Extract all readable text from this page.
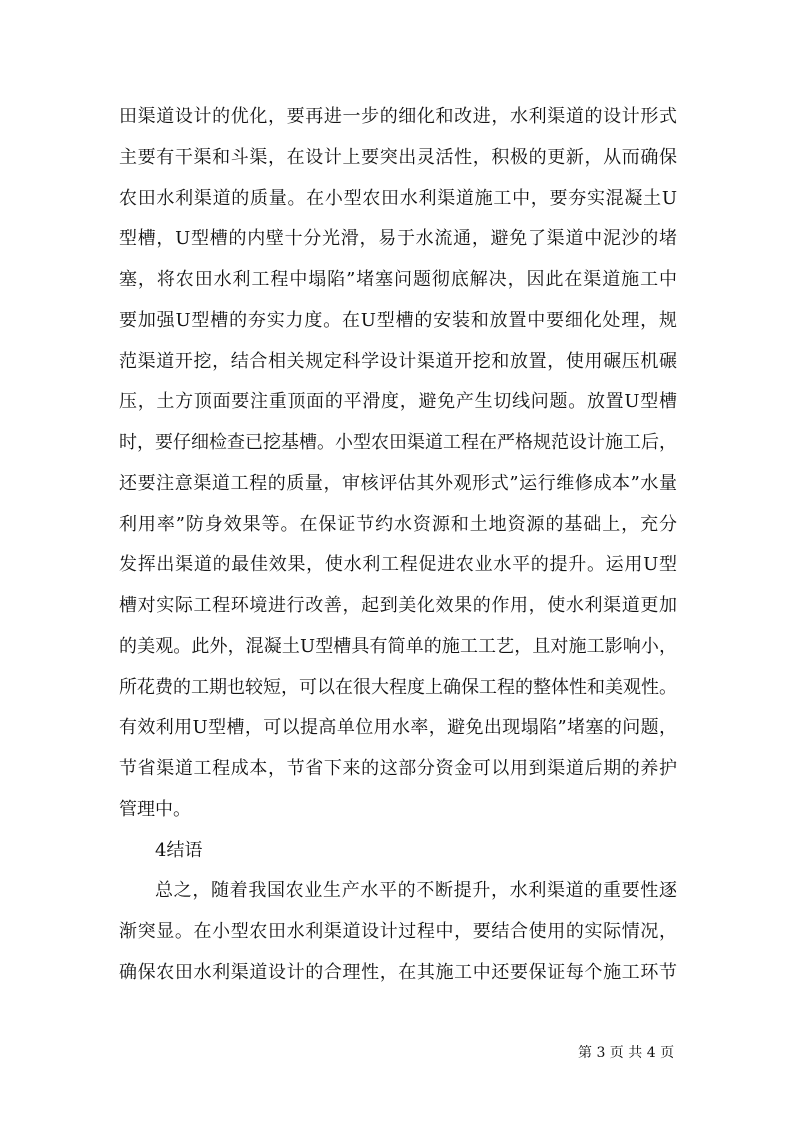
田渠道设计的优化，要再进一步的细化和改进，水利渠道的设计形式
主要有干渠和斗渠，在设计上要突出灵活性，积极的更新，从而确保
农田水利渠道的质量。在小型农田水利渠道施工中，要夯实混凝土U
型槽，U型槽的内壁十分光滑，易于水流通，避免了渠道中泥沙的堵
塞，将农田水利工程中塌陷”堵塞问题彻底解决，因此在渠道施工中
要加强U型槽的夯实力度。在U型槽的安装和放置中要细化处理，规
范渠道开挖，结合相关规定科学设计渠道开挖和放置，使用碾压机碾
压，土方顶面要注重顶面的平滑度，避免产生切线问题。放置U型槽
时，要仔细检查已挖基槽。小型农田渠道工程在严格规范设计施工后，
还要注意渠道工程的质量，审核评估其外观形式”运行维修成本”水量
利用率”防身效果等。在保证节约水资源和土地资源的基础上，充分
发挥出渠道的最佳效果，使水利工程促进农业水平的提升。运用U型
槽对实际工程环境进行改善，起到美化效果的作用，使水利渠道更加
的美观。此外，混凝土U型槽具有简单的施工工艺，且对施工影响小，
所花费的工期也较短，可以在很大程度上确保工程的整体性和美观性。
有效利用U型槽，可以提高单位用水率，避免出现塌陷”堵塞的问题，
节省渠道工程成本，节省下来的这部分资金可以用到渠道后期的养护
管理中。
4结语
总之，随着我国农业生产水平的不断提升，水利渠道的重要性逐
渐突显。在小型农田水利渠道设计过程中，要结合使用的实际情况，
确保农田水利渠道设计的合理性，在其施工中还要保证每个施工环节
第 3 页 共 4 页
